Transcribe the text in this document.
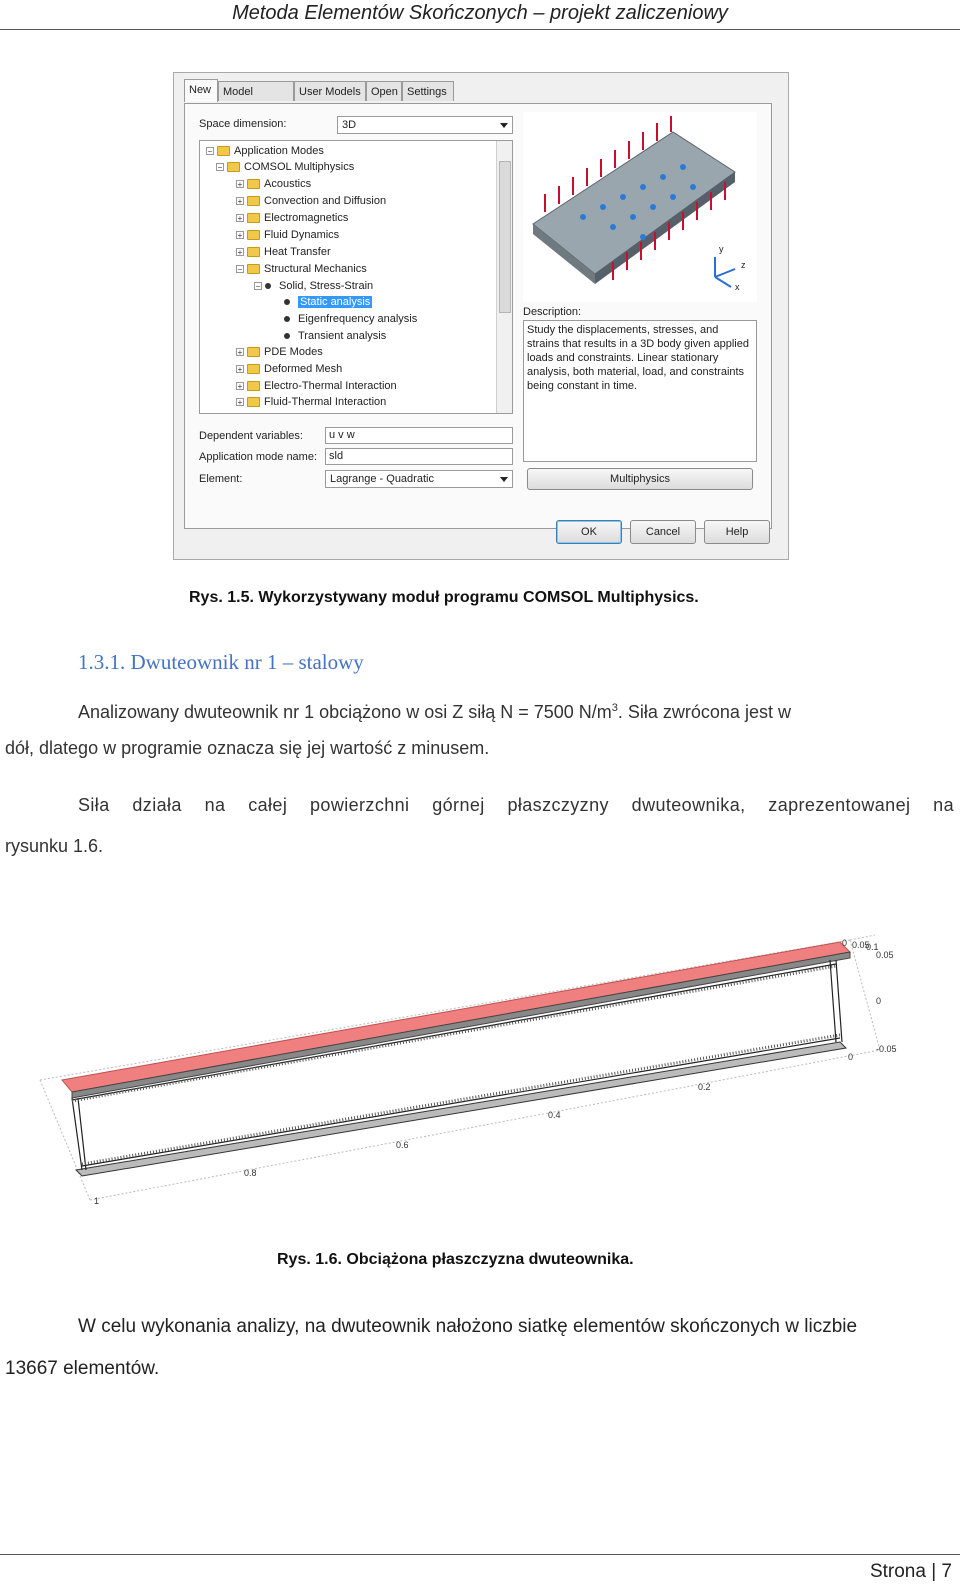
Metoda Elementów Skończonych – projekt zaliczeniowy
New	Model	User Models Open Settings
Space dimension:	3D
− Application Modes
− COMSOL Multiphysics
+ Acoustics
+ Convection and Diffusion
+ Electromagnetics
+ Fluid Dynamics
+ Heat Transfer
− Structural Mechanics
− Solid, Stress-Strain
Static analysis
Eigenfrequency analysis
Transient analysis
+ PDE Modes
+ Deformed Mesh
+ Electro-Thermal Interaction
+ Fluid-Thermal Interaction
Dependent variables:	u v w
Application mode name:	sld
Element:	Lagrange - Quadratic
y
z
x
Description:
Study the displacements, stresses, and strains that results in a 3D body given applied loads and constraints. Linear stationary analysis, both material, load, and constraints being constant in time.
Multiphysics
OK	Cancel	Help
Rys. 1.5. Wykorzystywany moduł programu COMSOL Multiphysics.
1.3.1. Dwuteownik nr 1 – stalowy
Analizowany dwuteownik nr 1 obciążono w osi Z siłą N = 7500 $N/m^3$. Siła zwrócona jest w
dół, dlatego w programie oznacza się jej wartość z minusem.
Siła działa na całej powierzchni górnej płaszczyzny dwuteownika, zaprezentowanej na
rysunku 1.6.
1
0.8
0.6
0.4
0.2
0
0 0.05
0.1
0.05
0
-0.05
Rys. 1.6. Obciążona płaszczyzna dwuteownika.
W celu wykonania analizy, na dwuteownik nałożono siatkę elementów skończonych w liczbie
13667 elementów.
Strona | 7
